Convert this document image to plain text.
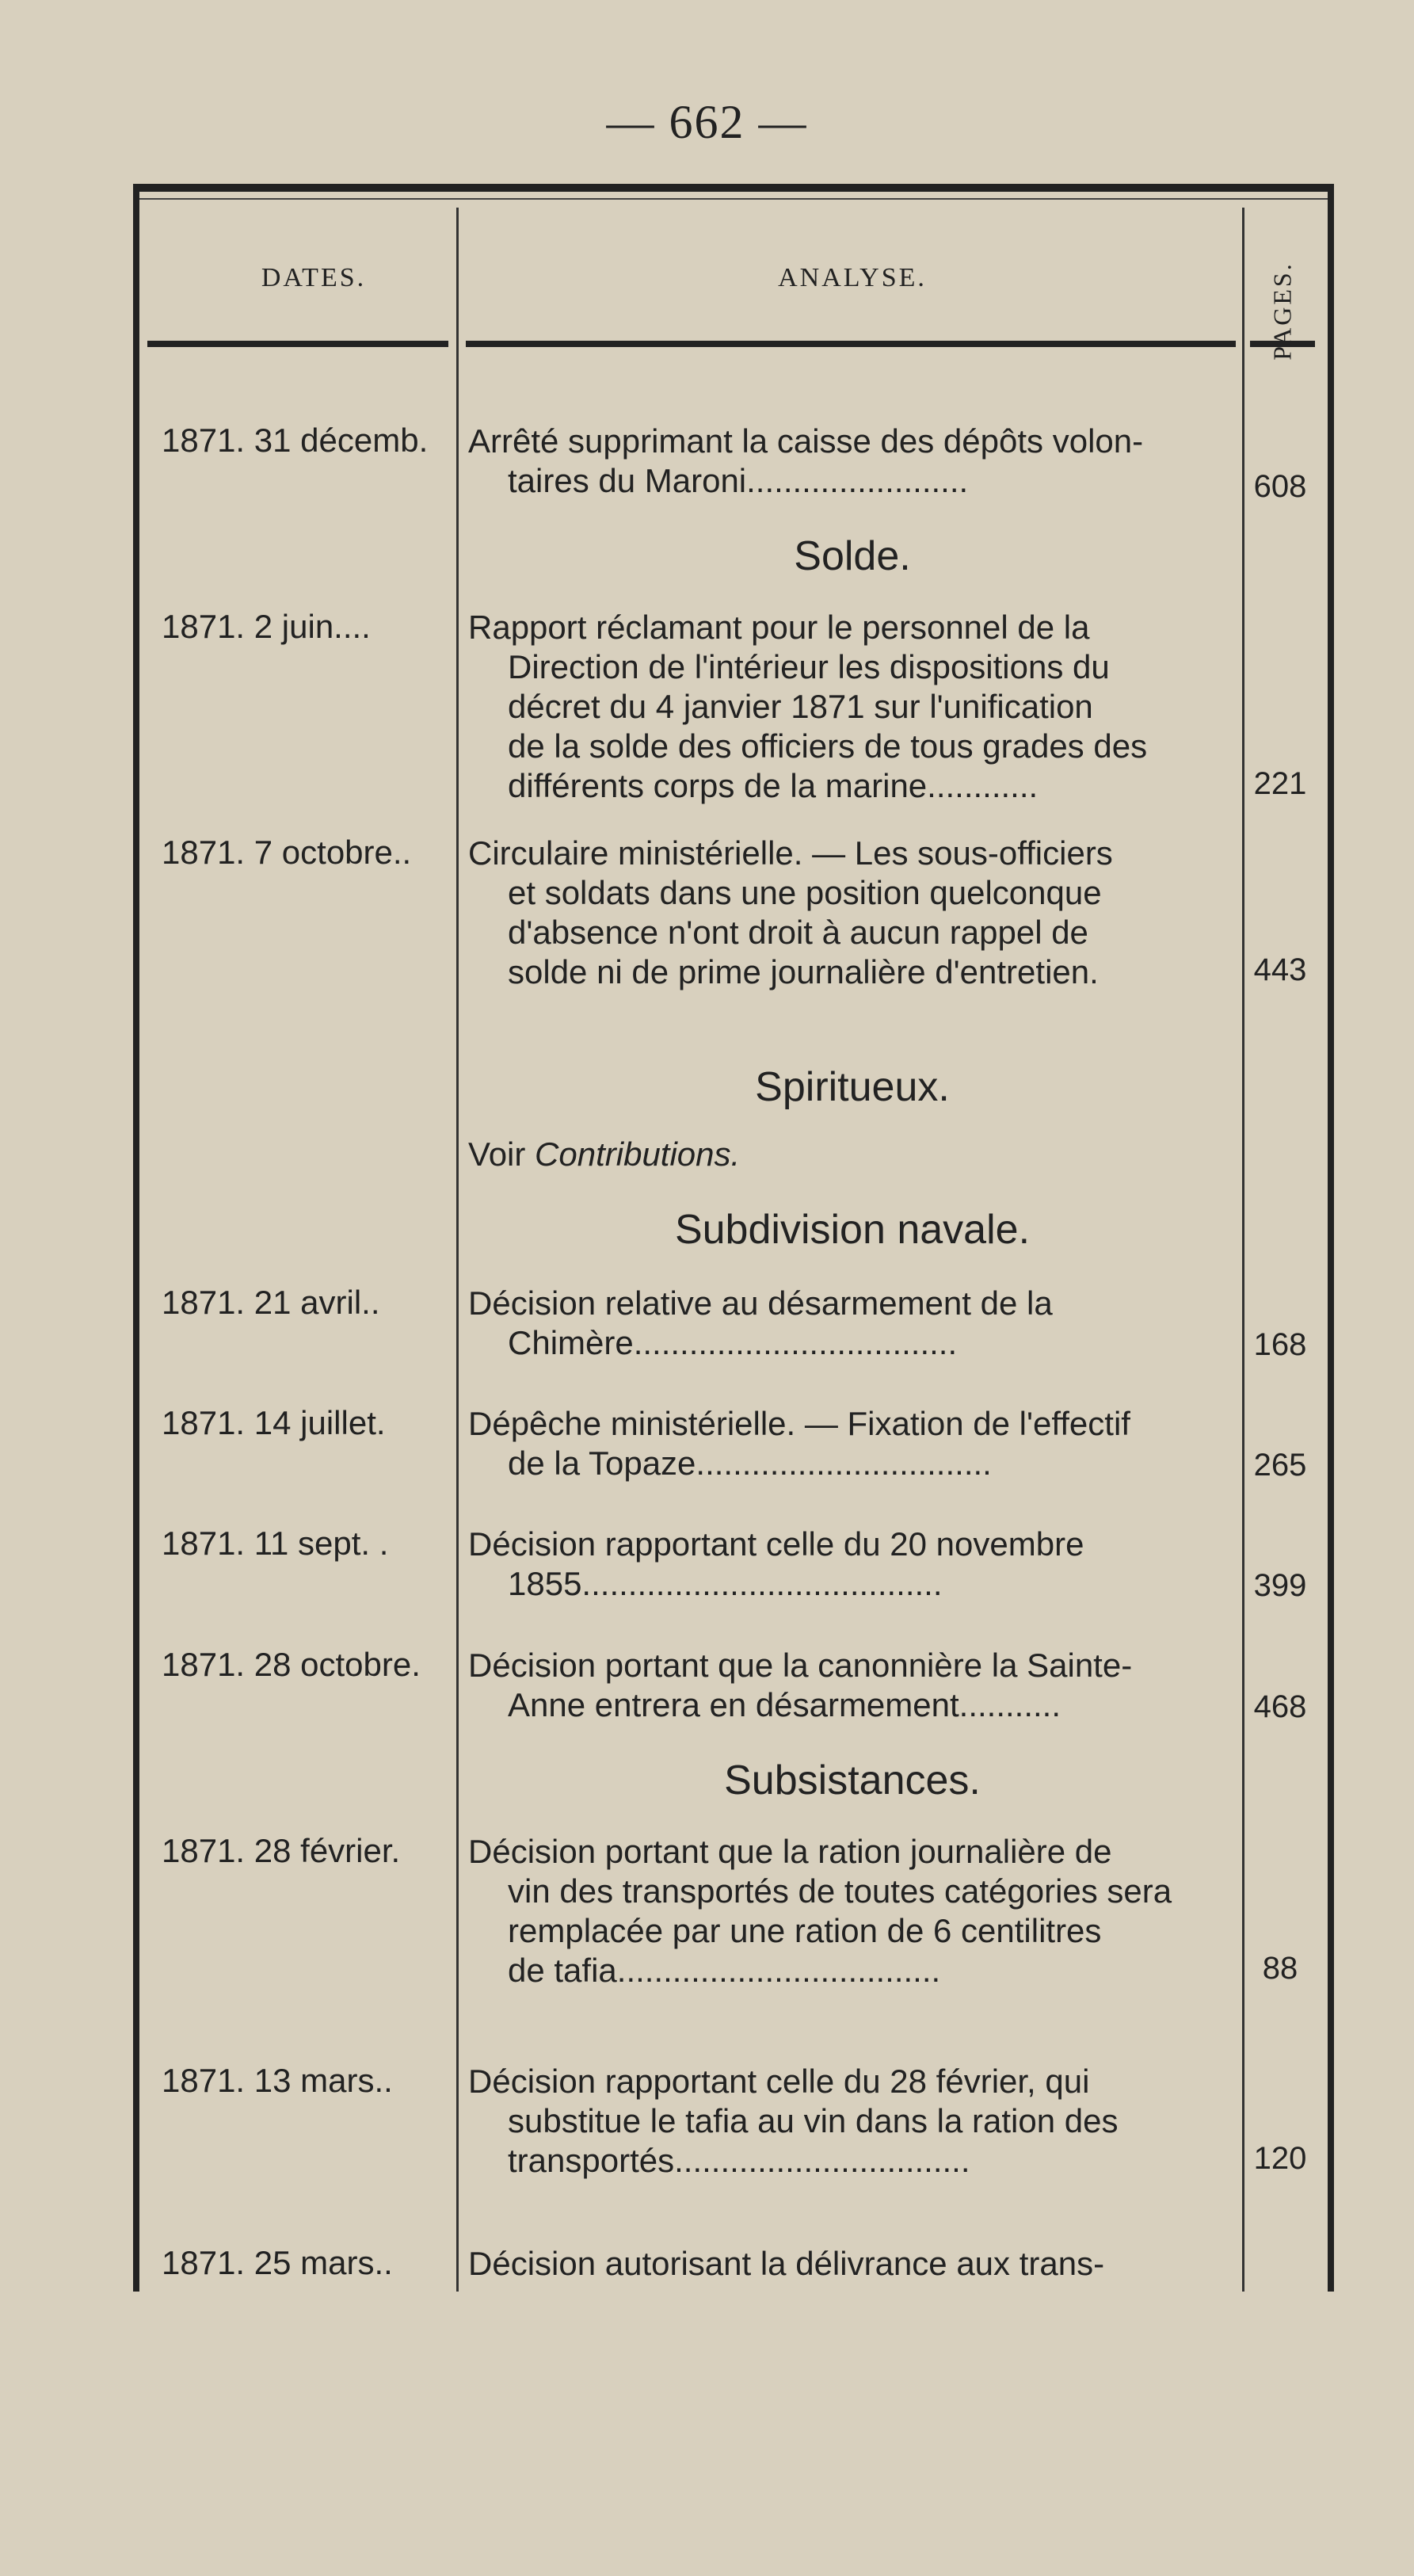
— 662 —
DATES.	ANALYSE.	PAGES.
1871. 31 décemb.	Arrêté supprimant la caisse des dépôts volon-
taires du Maroni........................	608
Solde.
1871. 2 juin....	Rapport réclamant pour le personnel de la
Direction de l'intérieur les dispositions du
décret du 4 janvier 1871 sur l'unification
de la solde des officiers de tous grades des
différents corps de la marine............	221
1871. 7 octobre..	Circulaire ministérielle. — Les sous-officiers
et soldats dans une position quelconque
d'absence n'ont droit à aucun rappel de
solde ni de prime journalière d'entretien.	443
Spiritueux.
Voir Contributions.
Subdivision navale.
1871. 21 avril..	Décision relative au désarmement de la
Chimère...................................	168
1871. 14 juillet.	Dépêche ministérielle. — Fixation de l'effectif
de la Topaze................................	265
1871. 11 sept. .	Décision rapportant celle du 20 novembre
1855.......................................	399
1871. 28 octobre.	Décision portant que la canonnière la Sainte-
Anne entrera en désarmement...........	468
Subsistances.
1871. 28 février.	Décision portant que la ration journalière de
vin des transportés de toutes catégories sera
remplacée par une ration de 6 centilitres
de tafia...................................	88
1871. 13 mars..	Décision rapportant celle du 28 février, qui
substitue le tafia au vin dans la ration des
transportés................................	120
1871. 25 mars..	Décision autorisant la délivrance aux trans-
